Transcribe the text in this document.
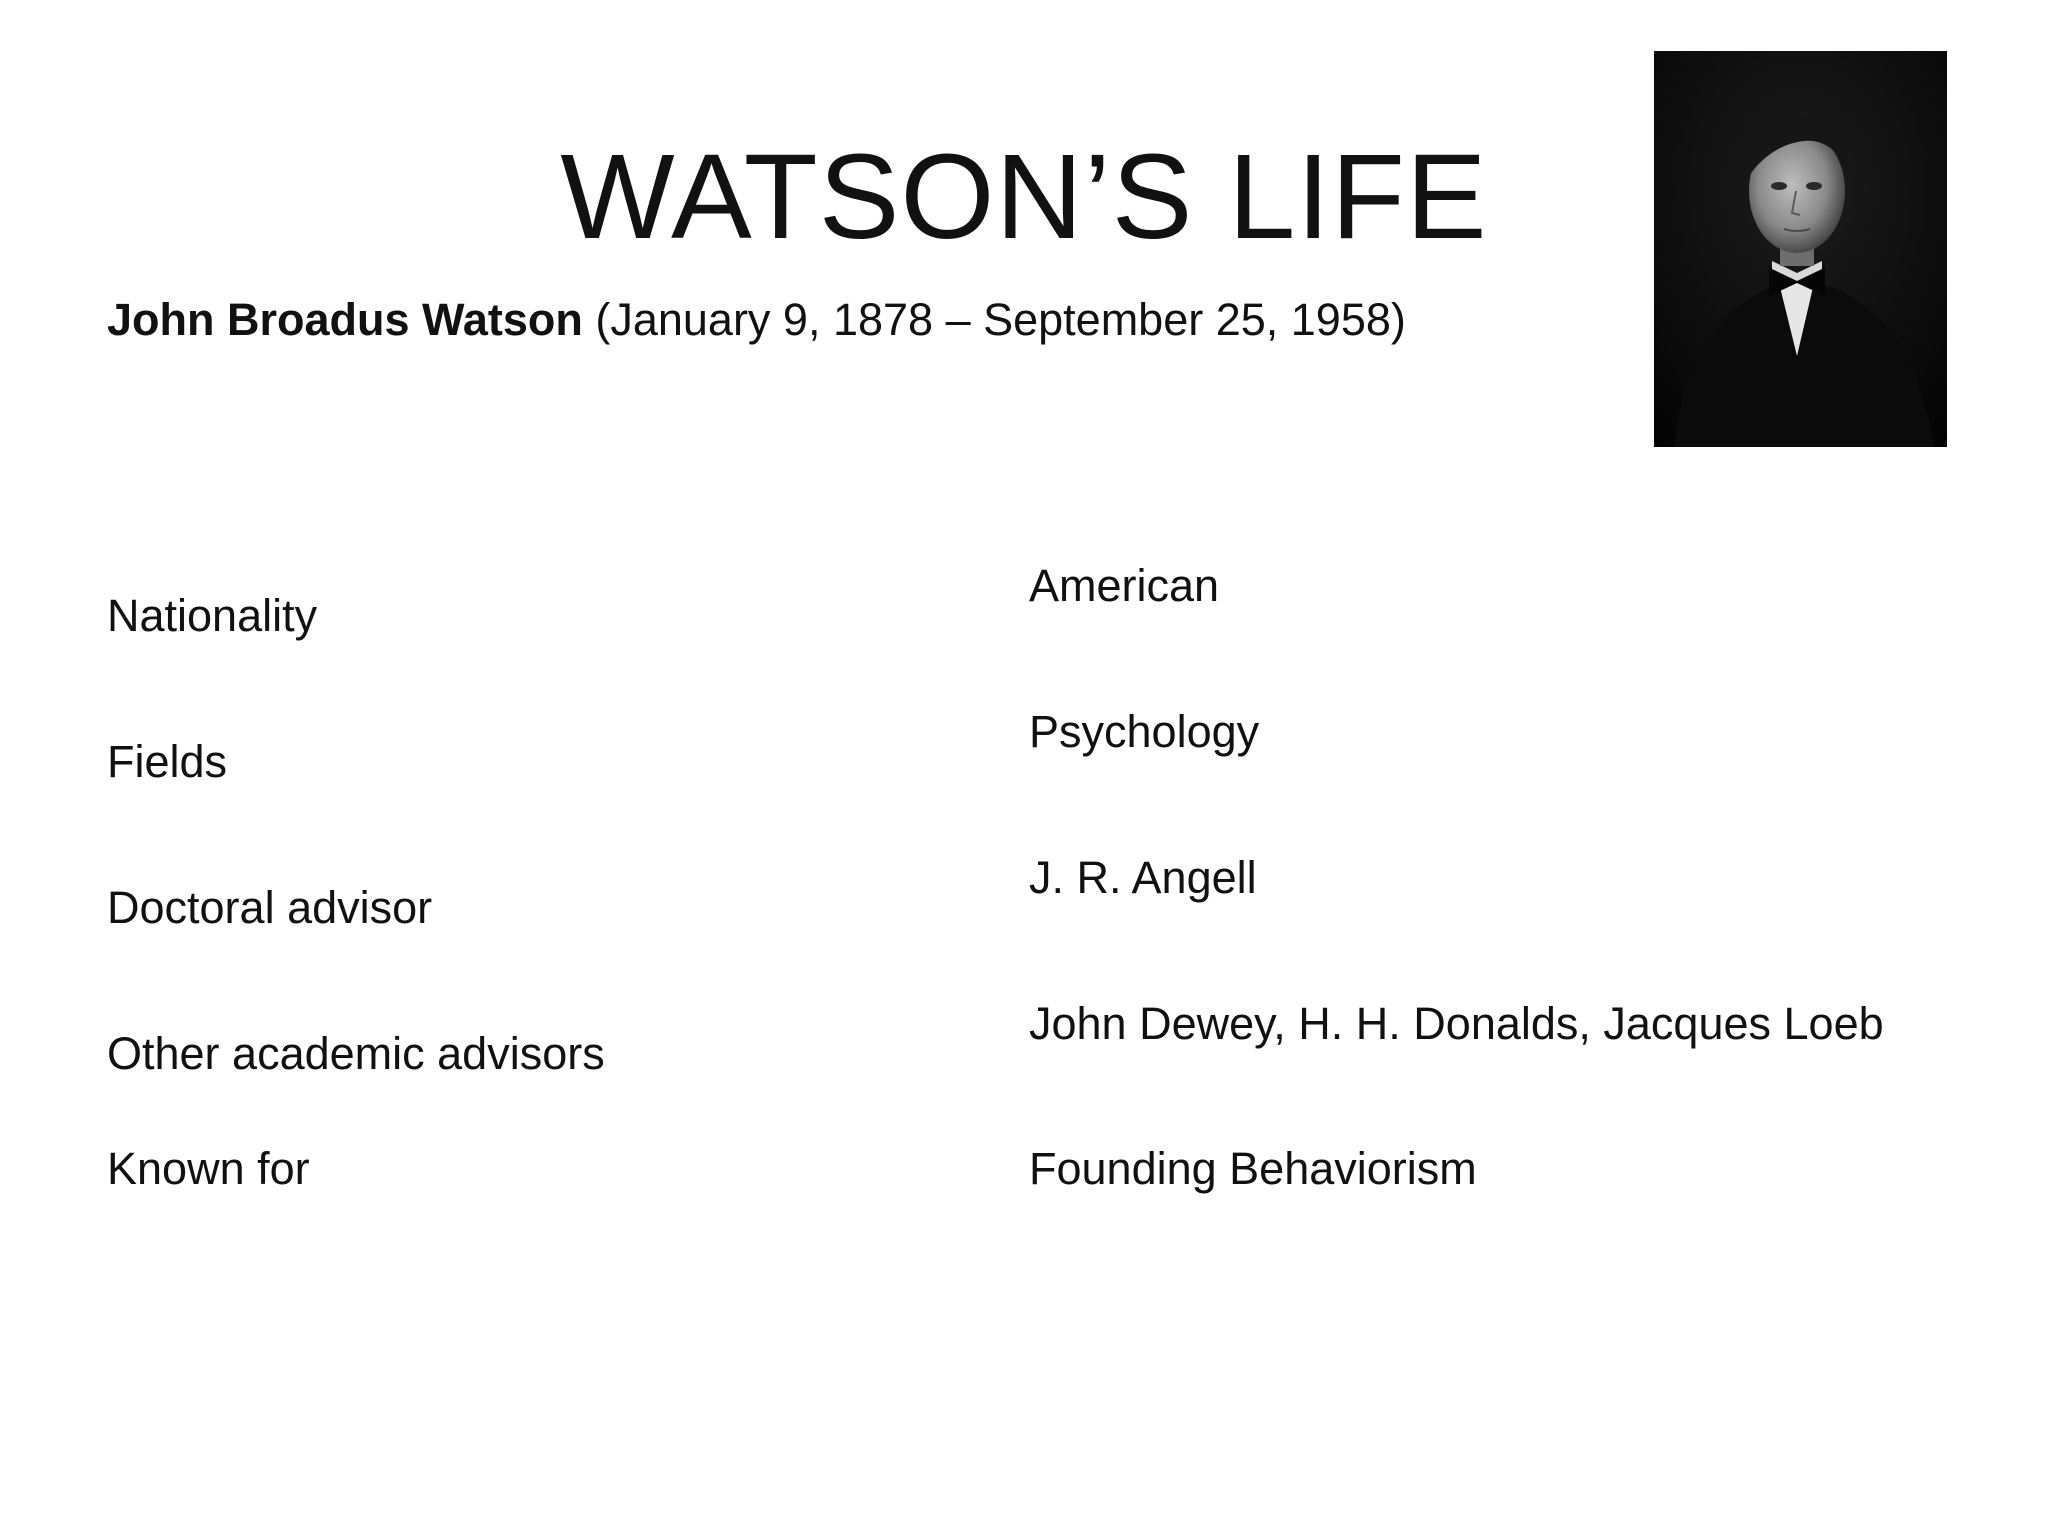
WATSON’S LIFE
John Broadus Watson (January 9, 1878 – September 25, 1958)
Nationality
American
Fields
Psychology
Doctoral advisor
J. R. Angell
Other academic advisors
John Dewey, H. H. Donalds, Jacques Loeb
Known for	Founding Behaviorism
